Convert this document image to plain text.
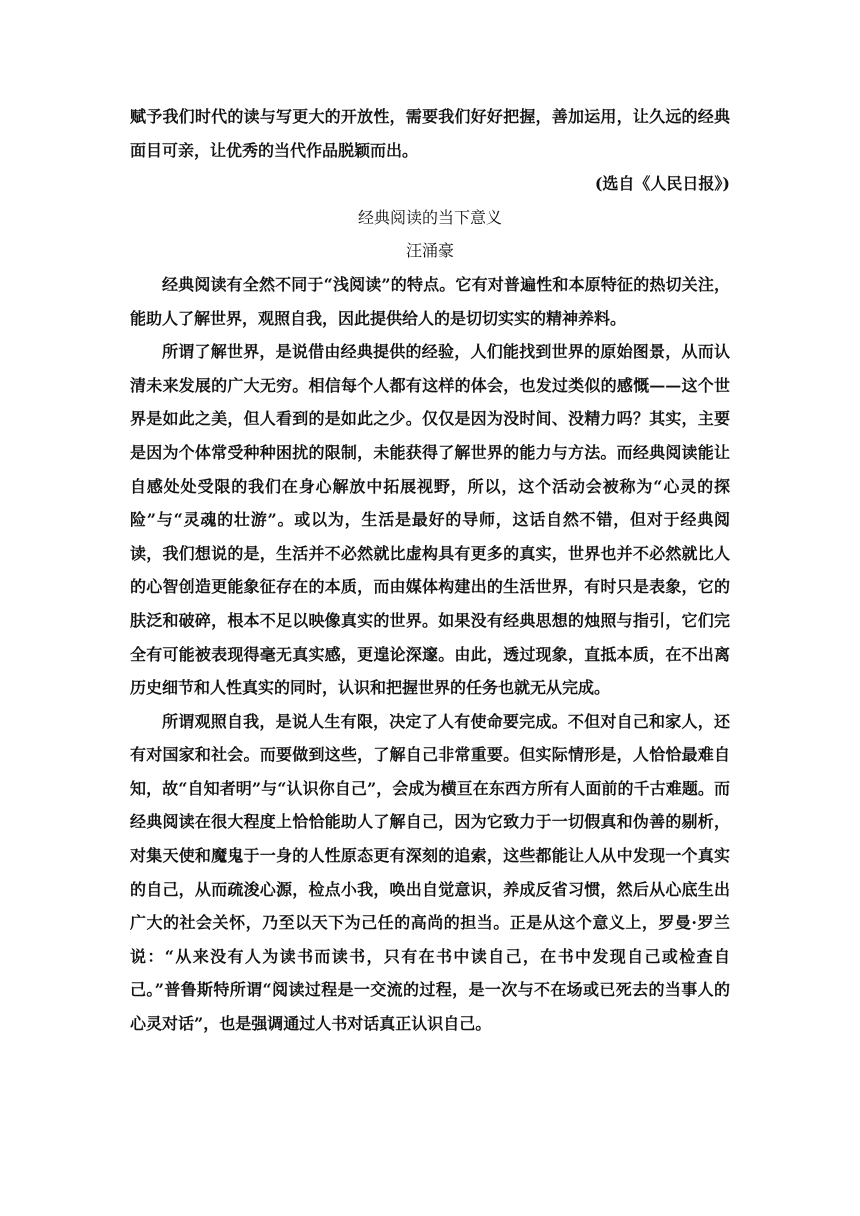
赋予我们时代的读与写更大的开放性，需要我们好好把握，善加运用，让久远的经典面目可亲，让优秀的当代作品脱颖而出。

(选自《人民日报》)

经典阅读的当下意义

汪涌豪

经典阅读有全然不同于“浅阅读”的特点。它有对普遍性和本原特征的热切关注，能助人了解世界，观照自我，因此提供给人的是切切实实的精神养料。

所谓了解世界，是说借由经典提供的经验，人们能找到世界的原始图景，从而认清未来发展的广大无穷。相信每个人都有这样的体会，也发过类似的感慨——这个世界是如此之美，但人看到的是如此之少。仅仅是因为没时间、没精力吗？其实，主要是因为个体常受种种困扰的限制，未能获得了解世界的能力与方法。而经典阅读能让自感处处受限的我们在身心解放中拓展视野，所以，这个活动会被称为“心灵的探险”与“灵魂的壮游”。或以为，生活是最好的导师，这话自然不错，但对于经典阅读，我们想说的是，生活并不必然就比虚构具有更多的真实，世界也并不必然就比人的心智创造更能象征存在的本质，而由媒体构建出的生活世界，有时只是表象，它的肤泛和破碎，根本不足以映像真实的世界。如果没有经典思想的烛照与指引，它们完全有可能被表现得毫无真实感，更遑论深邃。由此，透过现象，直抵本质，在不出离历史细节和人性真实的同时，认识和把握世界的任务也就无从完成。

所谓观照自我，是说人生有限，决定了人有使命要完成。不但对自己和家人，还有对国家和社会。而要做到这些，了解自己非常重要。但实际情形是，人恰恰最难自知，故“自知者明”与“认识你自己”，会成为横亘在东西方所有人面前的千古难题。而经典阅读在很大程度上恰恰能助人了解自己，因为它致力于一切假真和伪善的剔析，对集天使和魔鬼于一身的人性原态更有深刻的追索，这些都能让人从中发现一个真实的自己，从而疏浚心源，检点小我，唤出自觉意识，养成反省习惯，然后从心底生出广大的社会关怀，乃至以天下为己任的高尚的担当。正是从这个意义上，罗曼·罗兰说：“从来没有人为读书而读书，只有在书中读自己，在书中发现自己或检查自己。”普鲁斯特所谓“阅读过程是一交流的过程，是一次与不在场或已死去的当事人的心灵对话”，也是强调通过人书对话真正认识自己。
